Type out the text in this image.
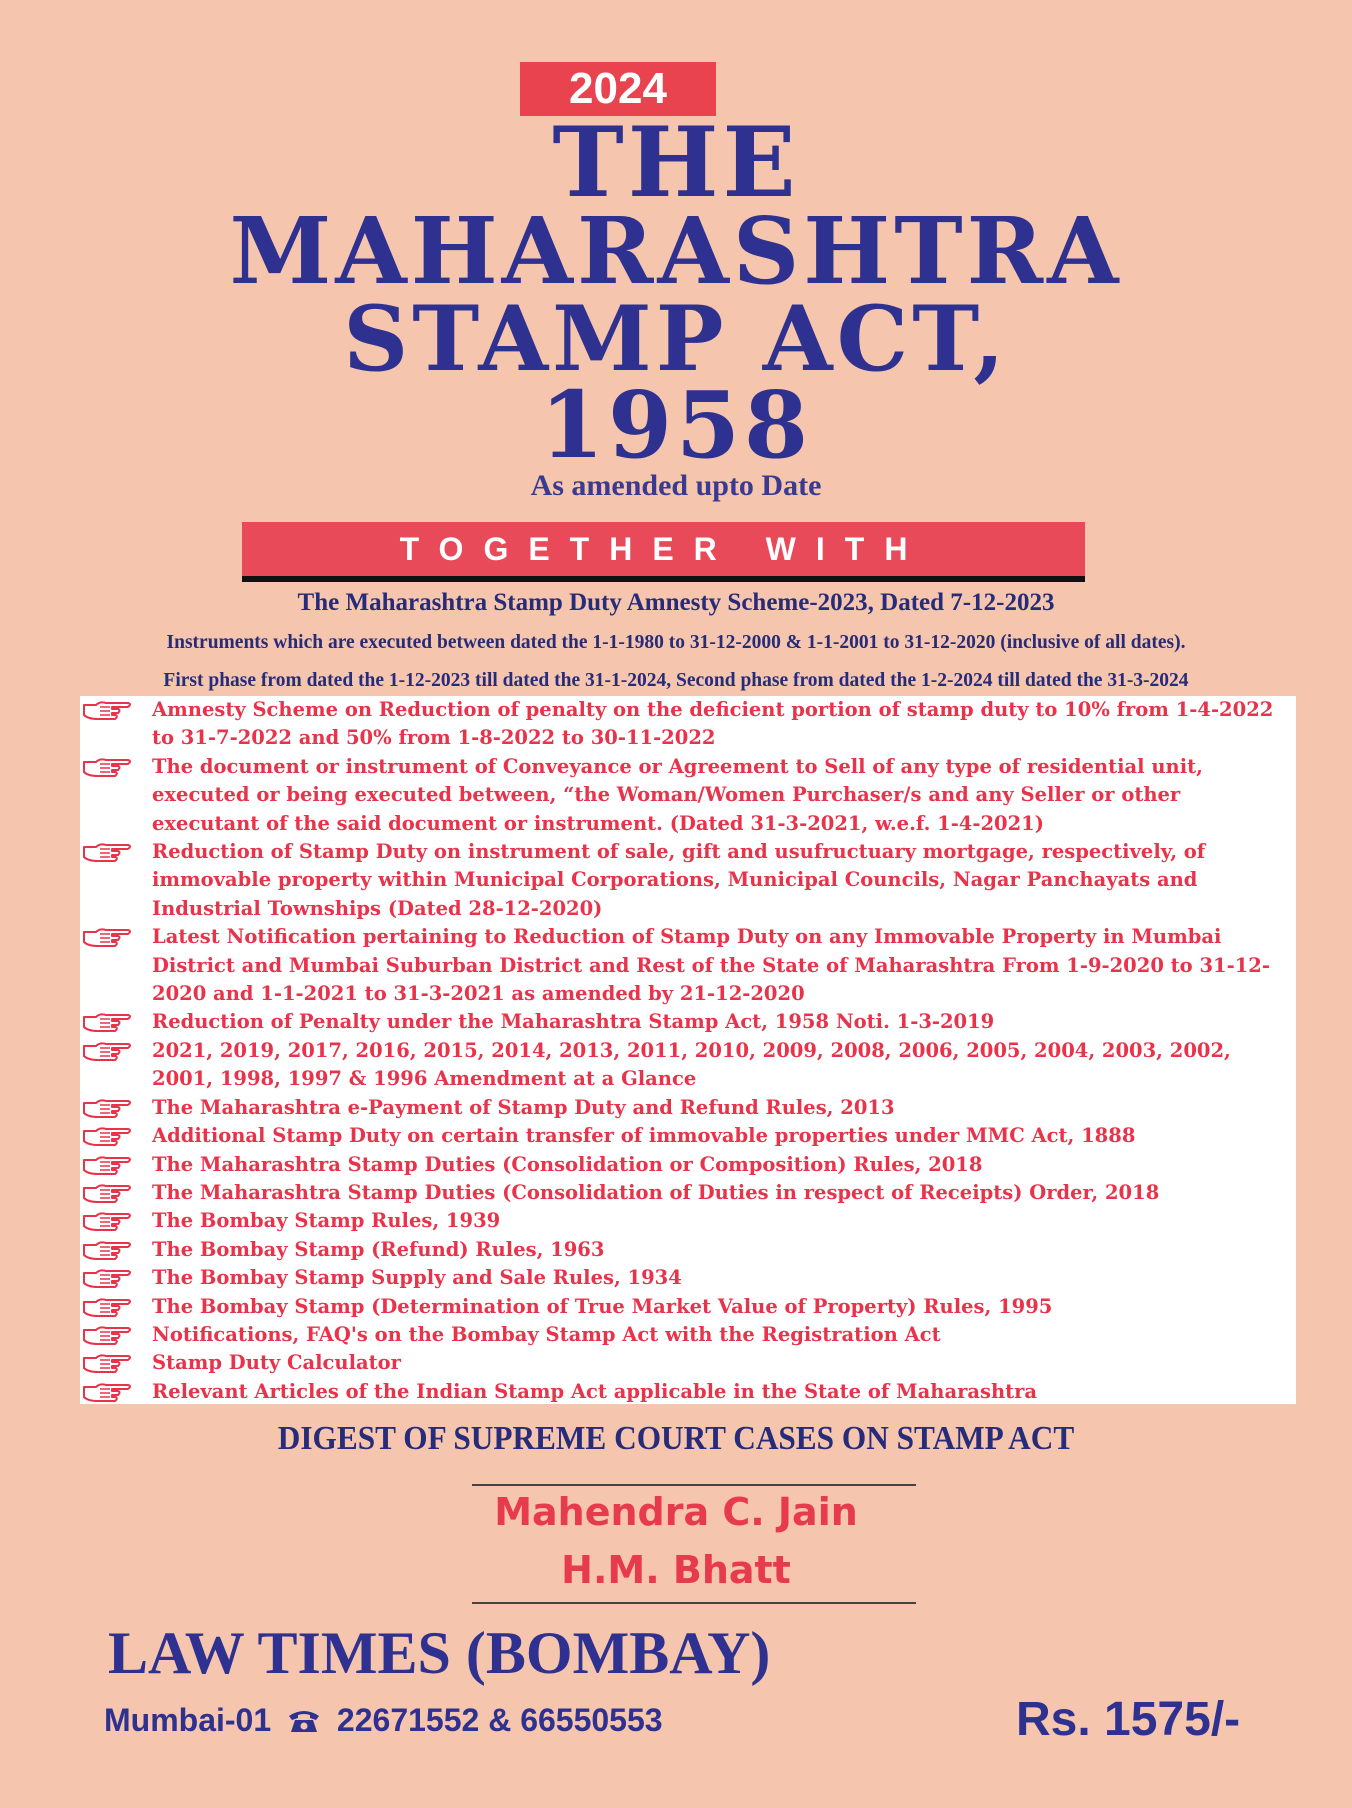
2024
THE
MAHARASHTRA
STAMP ACT,
1958
As amended upto Date
TOGETHER WITH
The Maharashtra Stamp Duty Amnesty Scheme-2023, Dated 7-12-2023
Instruments which are executed between dated the 1-1-1980 to 31-12-2000 & 1-1-2001 to 31-12-2020 (inclusive of all dates).
First phase from dated the 1-12-2023 till dated the 31-1-2024, Second phase from dated the 1-2-2024 till dated the 31-3-2024
Amnesty Scheme on Reduction of penalty on the deficient portion of stamp duty to 10% from 1-4-2022 to 31-7-2022 and 50% from 1-8-2022 to 30-11-2022
The document or instrument of Conveyance or Agreement to Sell of any type of residential unit, executed or being executed between, “the Woman/Women Purchaser/s and any Seller or other executant of the said document or instrument. (Dated 31-3-2021, w.e.f. 1-4-2021)
Reduction of Stamp Duty on instrument of sale, gift and usufructuary mortgage, respectively, of immovable property within Municipal Corporations, Municipal Councils, Nagar Panchayats and Industrial Townships (Dated 28-12-2020)
Latest Notification pertaining to Reduction of Stamp Duty on any Immovable Property in Mumbai District and Mumbai Suburban District and Rest of the State of Maharashtra From 1-9-2020 to 31-12-2020 and 1-1-2021 to 31-3-2021 as amended by 21-12-2020
Reduction of Penalty under the Maharashtra Stamp Act, 1958 Noti. 1-3-2019
2021, 2019, 2017, 2016, 2015, 2014, 2013, 2011, 2010, 2009, 2008, 2006, 2005, 2004, 2003, 2002, 2001, 1998, 1997 & 1996 Amendment at a Glance
The Maharashtra e-Payment of Stamp Duty and Refund Rules, 2013
Additional Stamp Duty on certain transfer of immovable properties under MMC Act, 1888
The Maharashtra Stamp Duties (Consolidation or Composition) Rules, 2018
The Maharashtra Stamp Duties (Consolidation of Duties in respect of Receipts) Order, 2018
The Bombay Stamp Rules, 1939
The Bombay Stamp (Refund) Rules, 1963
The Bombay Stamp Supply and Sale Rules, 1934
The Bombay Stamp (Determination of True Market Value of Property) Rules, 1995
Notifications, FAQ's on the Bombay Stamp Act with the Registration Act
Stamp Duty Calculator
Relevant Articles of the Indian Stamp Act applicable in the State of Maharashtra
DIGEST OF SUPREME COURT CASES ON STAMP ACT
Mahendra C. Jain
H.M. Bhatt
LAW TIMES (BOMBAY)
Mumbai-01 22671552 & 66550553	Rs. 1575/-
